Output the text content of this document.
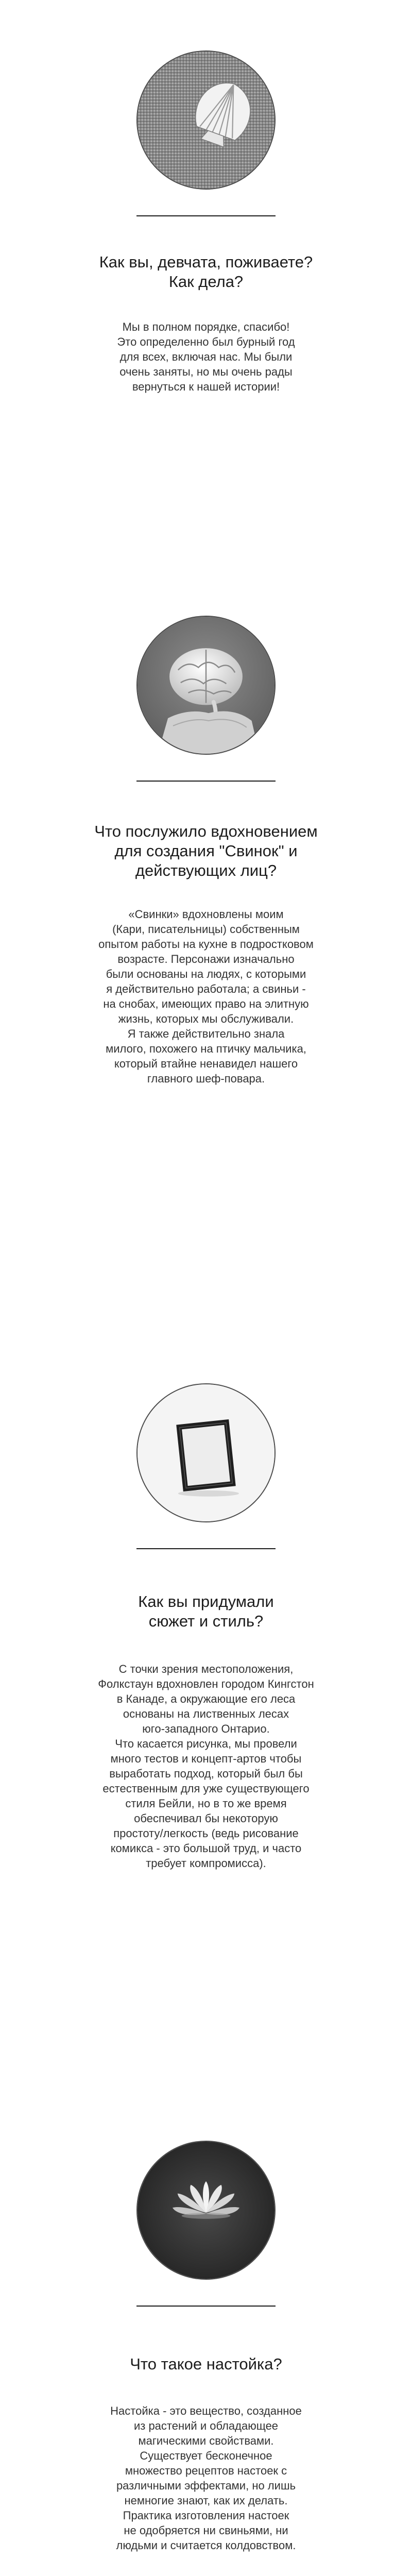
Как вы, девчата, поживаете?
Как дела?
Мы в полном порядке, спасибо!
Это определенно был бурный год
для всех, включая нас. Мы были
очень заняты, но мы очень рады
вернуться к нашей истории!
Что послужило вдохновением
для создания "Свинок" и
действующих лиц?
«Свинки» вдохновлены моим
(Кари, писательницы) собственным
опытом работы на кухне в подростковом
возрасте. Персонажи изначально
были основаны на людях, с которыми
я действительно работала; а свиньи -
на снобах, имеющих право на элитную
жизнь, которых мы обслуживали.
Я также действительно знала
милого, похожего на птичку мальчика,
который втайне ненавидел нашего
главного шеф-повара.
Как вы придумали
сюжет и стиль?
С точки зрения местоположения,
Фолкстаун вдохновлен городом Кингстон
в Канаде, а окружающие его леса
основаны на лиственных лесах
юго-западного Онтарио.
Что касается рисунка, мы провели
много тестов и концепт-артов чтобы
выработать подход, который был бы
естественным для уже существующего
стиля Бейли, но в то же время
обеспечивал бы некоторую
простоту/легкость (ведь рисование
комикса - это большой труд, и часто
требует компромисса).
Что такое настойка?
Настойка - это вещество, созданное
из растений и обладающее
магическими свойствами.
Существует бесконечное
множество рецептов настоек с
различными эффектами, но лишь
немногие знают, как их делать.
Практика изготовления настоек
не одобряется ни свиньями, ни
людьми и считается колдовством.
